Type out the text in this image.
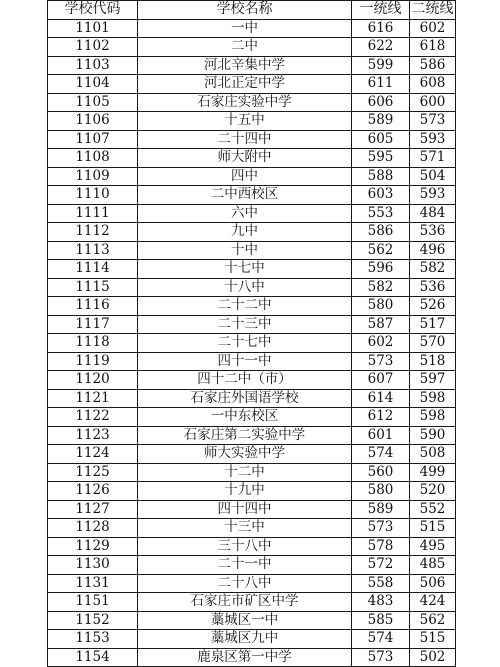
学校代码	学校名称	一统线	二统线
1101	一中	616	602
1102	二中	622	618
1103	河北辛集中学	599	586
1104	河北正定中学	611	608
1105	石家庄实验中学	606	600
1106	十五中	589	573
1107	二十四中	605	593
1108	师大附中	595	571
1109	四中	588	504
1110	二中西校区	603	593
1111	六中	553	484
1112	九中	586	536
1113	十中	562	496
1114	十七中	596	582
1115	十八中	582	536
1116	二十二中	580	526
1117	二十三中	587	517
1118	二十七中	602	570
1119	四十一中	573	518
1120	四十二中（市）	607	597
1121	石家庄外国语学校	614	598
1122	一中东校区	612	598
1123	石家庄第二实验中学	601	590
1124	师大实验中学	574	508
1125	十二中	560	499
1126	十九中	580	520
1127	四十四中	589	552
1128	十三中	573	515
1129	三十八中	578	495
1130	二十一中	572	485
1131	二十八中	558	506
1151	石家庄市矿区中学	483	424
1152	藁城区一中	585	562
1153	藁城区九中	574	515
1154	鹿泉区第一中学	573	502
